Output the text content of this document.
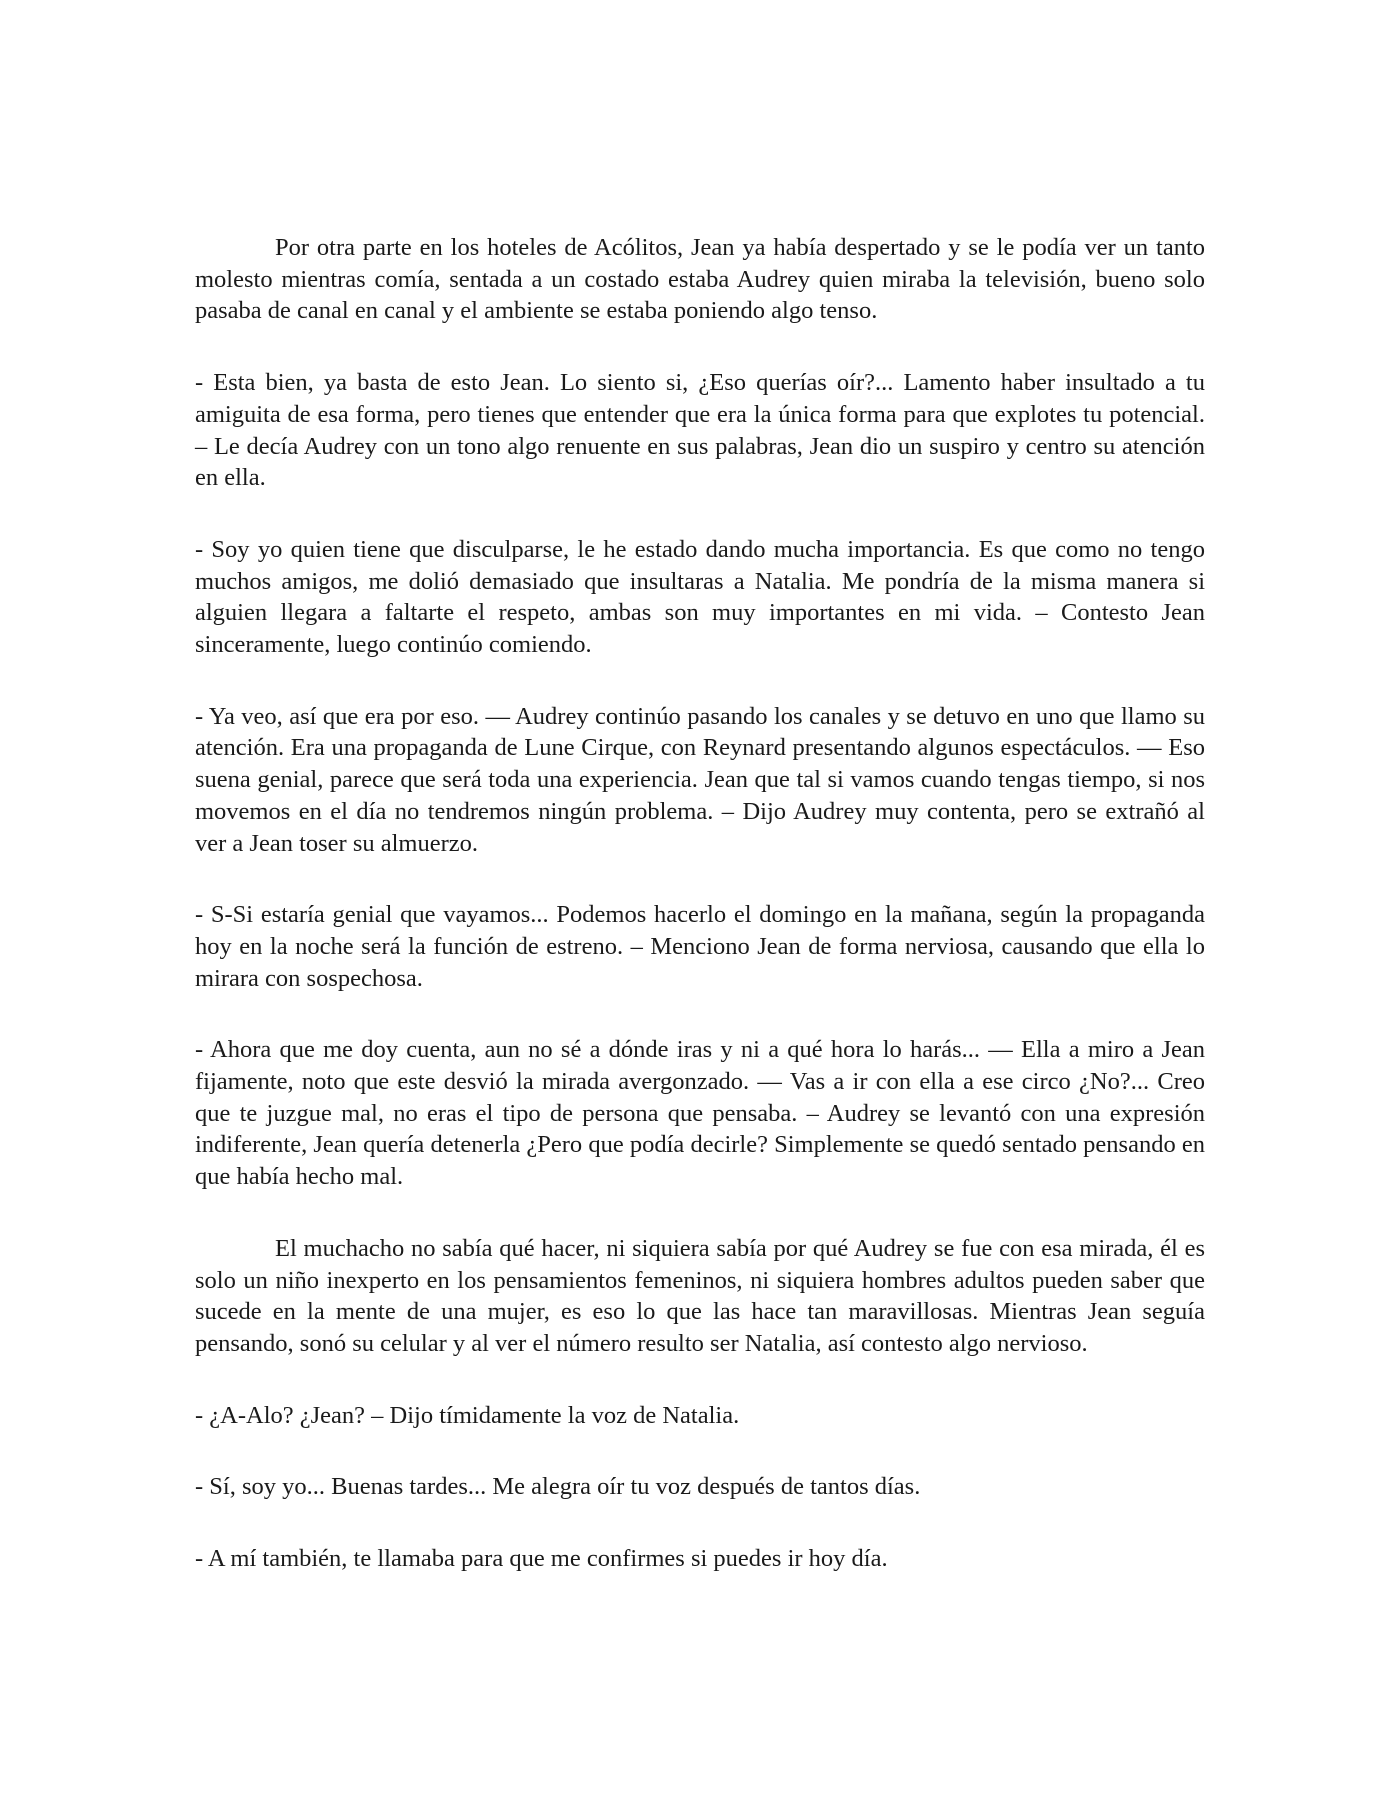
Por otra parte en los hoteles de Acólitos, Jean ya había despertado y se le podía ver un tanto molesto mientras comía, sentada a un costado estaba Audrey quien miraba la televisión, bueno solo pasaba de canal en canal y el ambiente se estaba poniendo algo tenso.

- Esta bien, ya basta de esto Jean. Lo siento si, ¿Eso querías oír?... Lamento haber insultado a tu amiguita de esa forma, pero tienes que entender que era la única forma para que explotes tu potencial. – Le decía Audrey con un tono algo renuente en sus palabras, Jean dio un suspiro y centro su atención en ella.

- Soy yo quien tiene que disculparse, le he estado dando mucha importancia. Es que como no tengo muchos amigos, me dolió demasiado que insultaras a Natalia. Me pondría de la misma manera si alguien llegara a faltarte el respeto, ambas son muy importantes en mi vida. – Contesto Jean sinceramente, luego continúo comiendo.

- Ya veo, así que era por eso. — Audrey continúo pasando los canales y se detuvo en uno que llamo su atención. Era una propaganda de Lune Cirque, con Reynard presentando algunos espectáculos. — Eso suena genial, parece que será toda una experiencia. Jean que tal si vamos cuando tengas tiempo, si nos movemos en el día no tendremos ningún problema. – Dijo Audrey muy contenta, pero se extrañó al ver a Jean toser su almuerzo.

- S-Si estaría genial que vayamos... Podemos hacerlo el domingo en la mañana, según la propaganda hoy en la noche será la función de estreno. – Menciono Jean de forma nerviosa, causando que ella lo mirara con sospechosa.

- Ahora que me doy cuenta, aun no sé a dónde iras y ni a qué hora lo harás... — Ella a miro a Jean fijamente, noto que este desvió la mirada avergonzado. — Vas a ir con ella a ese circo ¿No?... Creo que te juzgue mal, no eras el tipo de persona que pensaba. – Audrey se levantó con una expresión indiferente, Jean quería detenerla ¿Pero que podía decirle? Simplemente se quedó sentado pensando en que había hecho mal.

El muchacho no sabía qué hacer, ni siquiera sabía por qué Audrey se fue con esa mirada, él es solo un niño inexperto en los pensamientos femeninos, ni siquiera hombres adultos pueden saber que sucede en la mente de una mujer, es eso lo que las hace tan maravillosas. Mientras Jean seguía pensando, sonó su celular y al ver el número resulto ser Natalia, así contesto algo nervioso.

- ¿A-Alo? ¿Jean? – Dijo tímidamente la voz de Natalia.

- Sí, soy yo... Buenas tardes... Me alegra oír tu voz después de tantos días.

- A mí también, te llamaba para que me confirmes si puedes ir hoy día.
